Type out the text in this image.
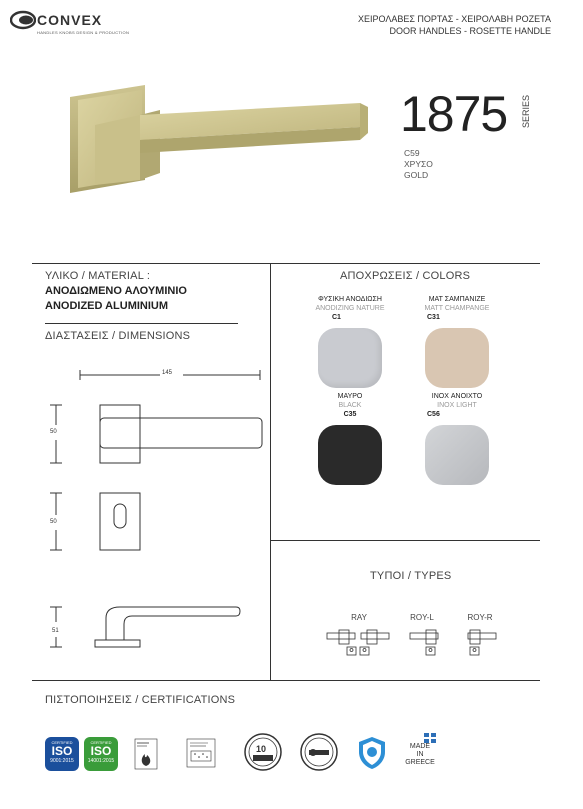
CONVEX
HANDLES KNOBS DESIGN & PRODUCTION
ΧΕΙΡΟΛΑΒΕΣ ΠΟΡΤΑΣ - ΧΕΙΡΟΛΑΒΗ ΡΟΖΕΤΑ
DOOR HANDLES - ROSETTE HANDLE
1875 SERIES
C59
ΧΡΥΣΟ
GOLD
ΥΛΙΚΟ / MATERIAL :
ΑΝΟΔΙΩΜΕΝΟ ΑΛΟΥΜΙΝΙΟ
ANODIZED ALUMINIUM
ΔΙΑΣΤΑΣΕΙΣ / DIMENSIONS
145
50
50
51
ΑΠΟΧΡΩΣΕΙΣ / COLORS
ΦΥΣΙΚΗ ΑΝΟΔΙΩΣΗ
ANODIZING NATURE
C1
ΜΑΤ ΣΑΜΠΑΝΙΖΕ
MATT CHAMPANGE
C31
ΜΑΥΡΟ
BLACK
C35
INOX ΑΝΟΙΧΤΟ
INOX LIGHT
C56
ΤΥΠΟΙ / TYPES
RAY	ROY-L	ROY-R
ΠΙΣΤΟΠΟΙΗΣΕΙΣ / CERTIFICATIONS
CERTIFIED
ISO
9001:2015
CERTIFIED
ISO
14001:2015
10	MADE
IN
GREECE
